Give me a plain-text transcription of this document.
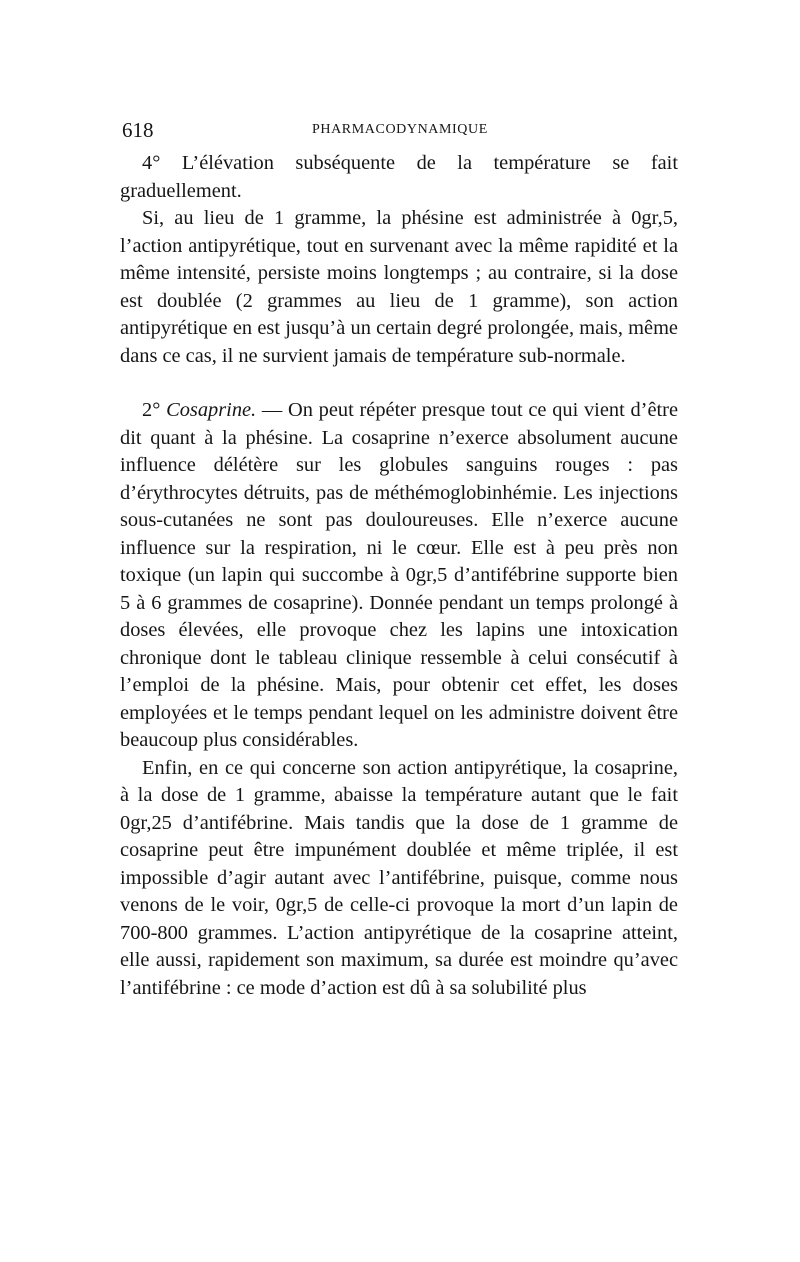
618	PHARMACODYNAMIQUE

4° L’élévation subséquente de la température se fait graduellement.

Si, au lieu de 1 gramme, la phésine est administrée à 0gr,5, l’action antipyrétique, tout en survenant avec la même rapidité et la même intensité, persiste moins longtemps ; au contraire, si la dose est doublée (2 grammes au lieu de 1 gramme), son action antipyrétique en est jusqu’à un certain degré prolongée, mais, même dans ce cas, il ne survient jamais de température sub-normale.

2° Cosaprine. — On peut répéter presque tout ce qui vient d’être dit quant à la phésine. La cosaprine n’exerce absolument aucune influence délétère sur les globules sanguins rouges : pas d’érythrocytes détruits, pas de méthémoglobinhémie. Les injections sous-cutanées ne sont pas douloureuses. Elle n’exerce aucune influence sur la respiration, ni le cœur. Elle est à peu près non toxique (un lapin qui succombe à 0gr,5 d’antifébrine supporte bien 5 à 6 grammes de cosaprine). Donnée pendant un temps prolongé à doses élevées, elle provoque chez les lapins une intoxication chronique dont le tableau clinique ressemble à celui consécutif à l’emploi de la phésine. Mais, pour obtenir cet effet, les doses employées et le temps pendant lequel on les administre doivent être beaucoup plus considérables.

Enfin, en ce qui concerne son action antipyrétique, la cosaprine, à la dose de 1 gramme, abaisse la température autant que le fait 0gr,25 d’antifébrine. Mais tandis que la dose de 1 gramme de cosaprine peut être impunément doublée et même triplée, il est impossible d’agir autant avec l’antifébrine, puisque, comme nous venons de le voir, 0gr,5 de celle-ci provoque la mort d’un lapin de 700-800 grammes. L’action antipyrétique de la cosaprine atteint, elle aussi, rapidement son maximum, sa durée est moindre qu’avec l’antifébrine : ce mode d’action est dû à sa solubilité plus
